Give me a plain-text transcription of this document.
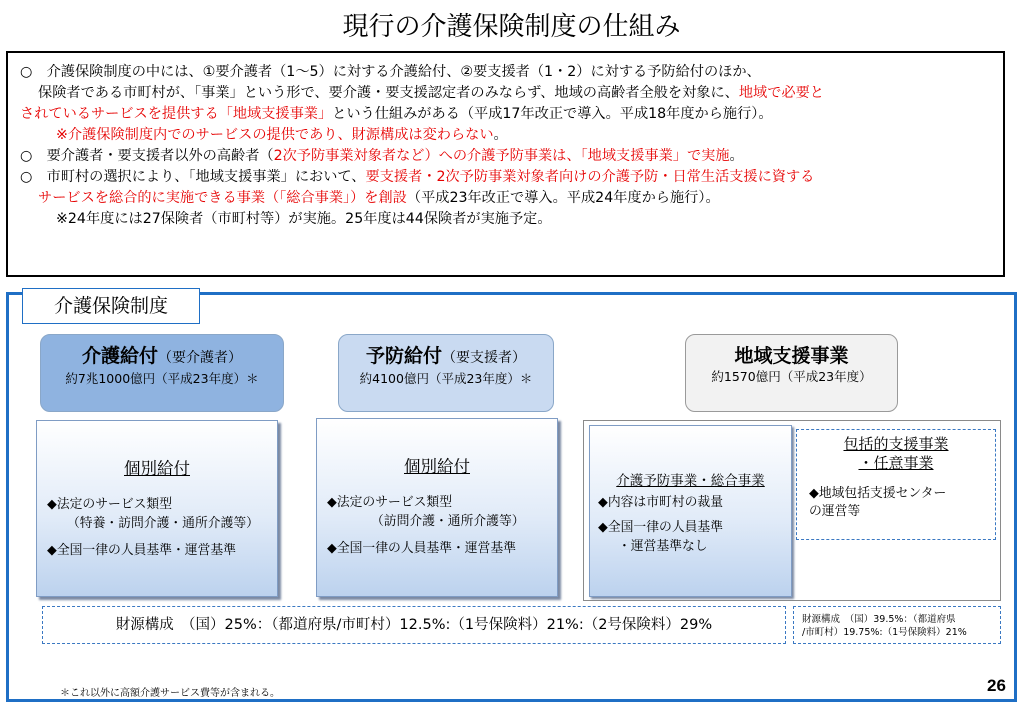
現行の介護保険制度の仕組み
○　介護保険制度の中には、①要介護者（1～5）に対する介護給付、②要支援者（1・2）に対する予防給付のほか、
保険者である市町村が、「事業」という形で、要介護・要支援認定者のみならず、地域の高齢者全般を対象に、地域で必要と
されているサービスを提供する「地域支援事業」という仕組みがある（平成17年改正で導入。平成18年度から施行）。
※介護保険制度内でのサービスの提供であり、財源構成は変わらない。
○　要介護者・要支援者以外の高齢者（2次予防事業対象者など）への介護予防事業は、「地域支援事業」で実施。
○　市町村の選択により、「地域支援事業」において、要支援者・2次予防事業対象者向けの介護予防・日常生活支援に資する
サービスを総合的に実施できる事業（「総合事業」）を創設（平成23年改正で導入。平成24年度から施行）。
※24年度には27保険者（市町村等）が実施。25年度は44保険者が実施予定。
介護保険制度
介護給付（要介護者）
約7兆1000億円（平成23年度）＊
予防給付（要支援者）
約4100億円（平成23年度）＊
地域支援事業
約1570億円（平成23年度）
個別給付
◆法定のサービス類型
（特養・訪問介護・通所介護等）
◆全国一律の人員基準・運営基準
個別給付
◆法定のサービス類型
（訪問介護・通所介護等）
◆全国一律の人員基準・運営基準
介護予防事業・総合事業
◆内容は市町村の裁量
◆全国一律の人員基準
・運営基準なし
包括的支援事業
・任意事業
◆地域包括支援センター
の運営等
財源構成　（国）25%：（都道府県/市町村）12.5%:（1号保険料）21%:（2号保険料）29%	財源構成　（国）39.5%：（都道府県
/市町村）19.75%:（1号保険料）21%
＊これ以外に高額介護サービス費等が含まれる。	26
